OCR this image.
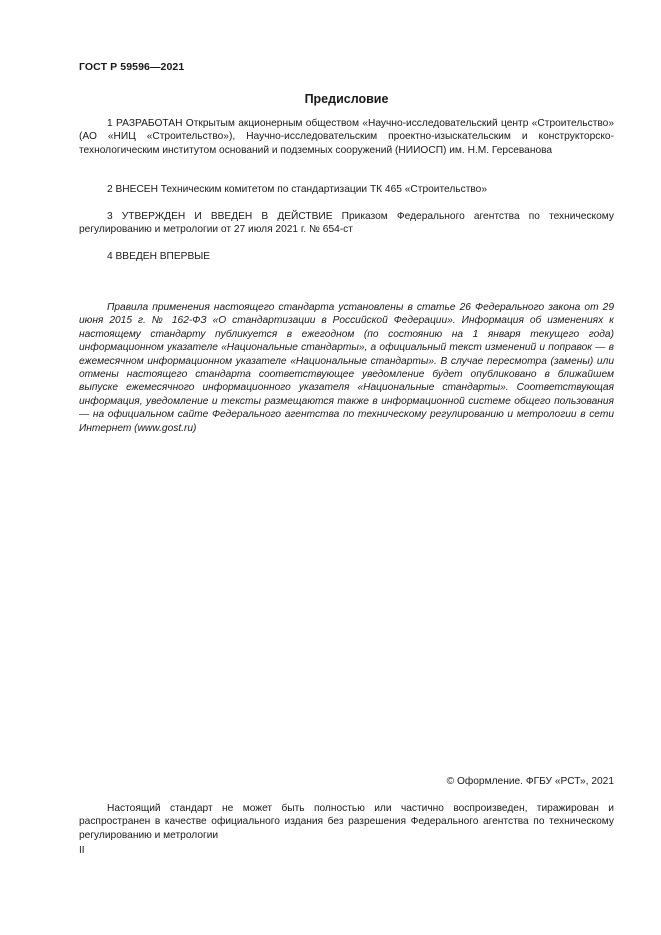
ГОСТ Р 59596—2021
Предисловие

1 РАЗРАБОТАН Открытым акционерным обществом «Научно-исследовательский центр «Строительство» (АО «НИЦ «Строительство»), Научно-исследовательским проектно-изыскательским и конструкторско-технологическим институтом оснований и подземных сооружений (НИИОСП) им. Н.М. Герсеванова

2 ВНЕСЕН Техническим комитетом по стандартизации ТК 465 «Строительство»

3 УТВЕРЖДЕН И ВВЕДЕН В ДЕЙСТВИЕ Приказом Федерального агентства по техническому регулированию и метрологии от 27 июля 2021 г. № 654-ст

4 ВВЕДЕН ВПЕРВЫЕ

Правила применения настоящего стандарта установлены в статье 26 Федерального закона от 29 июня 2015 г. № 162-ФЗ «О стандартизации в Российской Федерации». Информация об изменениях к настоящему стандарту публикуется в ежегодном (по состоянию на 1 января текущего года) информационном указателе «Национальные стандарты», а официальный текст изменений и поправок — в ежемесячном информационном указателе «Национальные стандарты». В случае пересмотра (замены) или отмены настоящего стандарта соответствующее уведомление будет опубликовано в ближайшем выпуске ежемесячного информационного указателя «Национальные стандарты». Соответствующая информация, уведомление и тексты размещаются также в информационной системе общего пользования — на официальном сайте Федерального агентства по техническому регулированию и метрологии в сети Интернет (www.gost.ru)

© Оформление. ФГБУ «РСТ», 2021

Настоящий стандарт не может быть полностью или частично воспроизведен, тиражирован и распространен в качестве официального издания без разрешения Федерального агентства по техническому регулированию и метрологии

II
